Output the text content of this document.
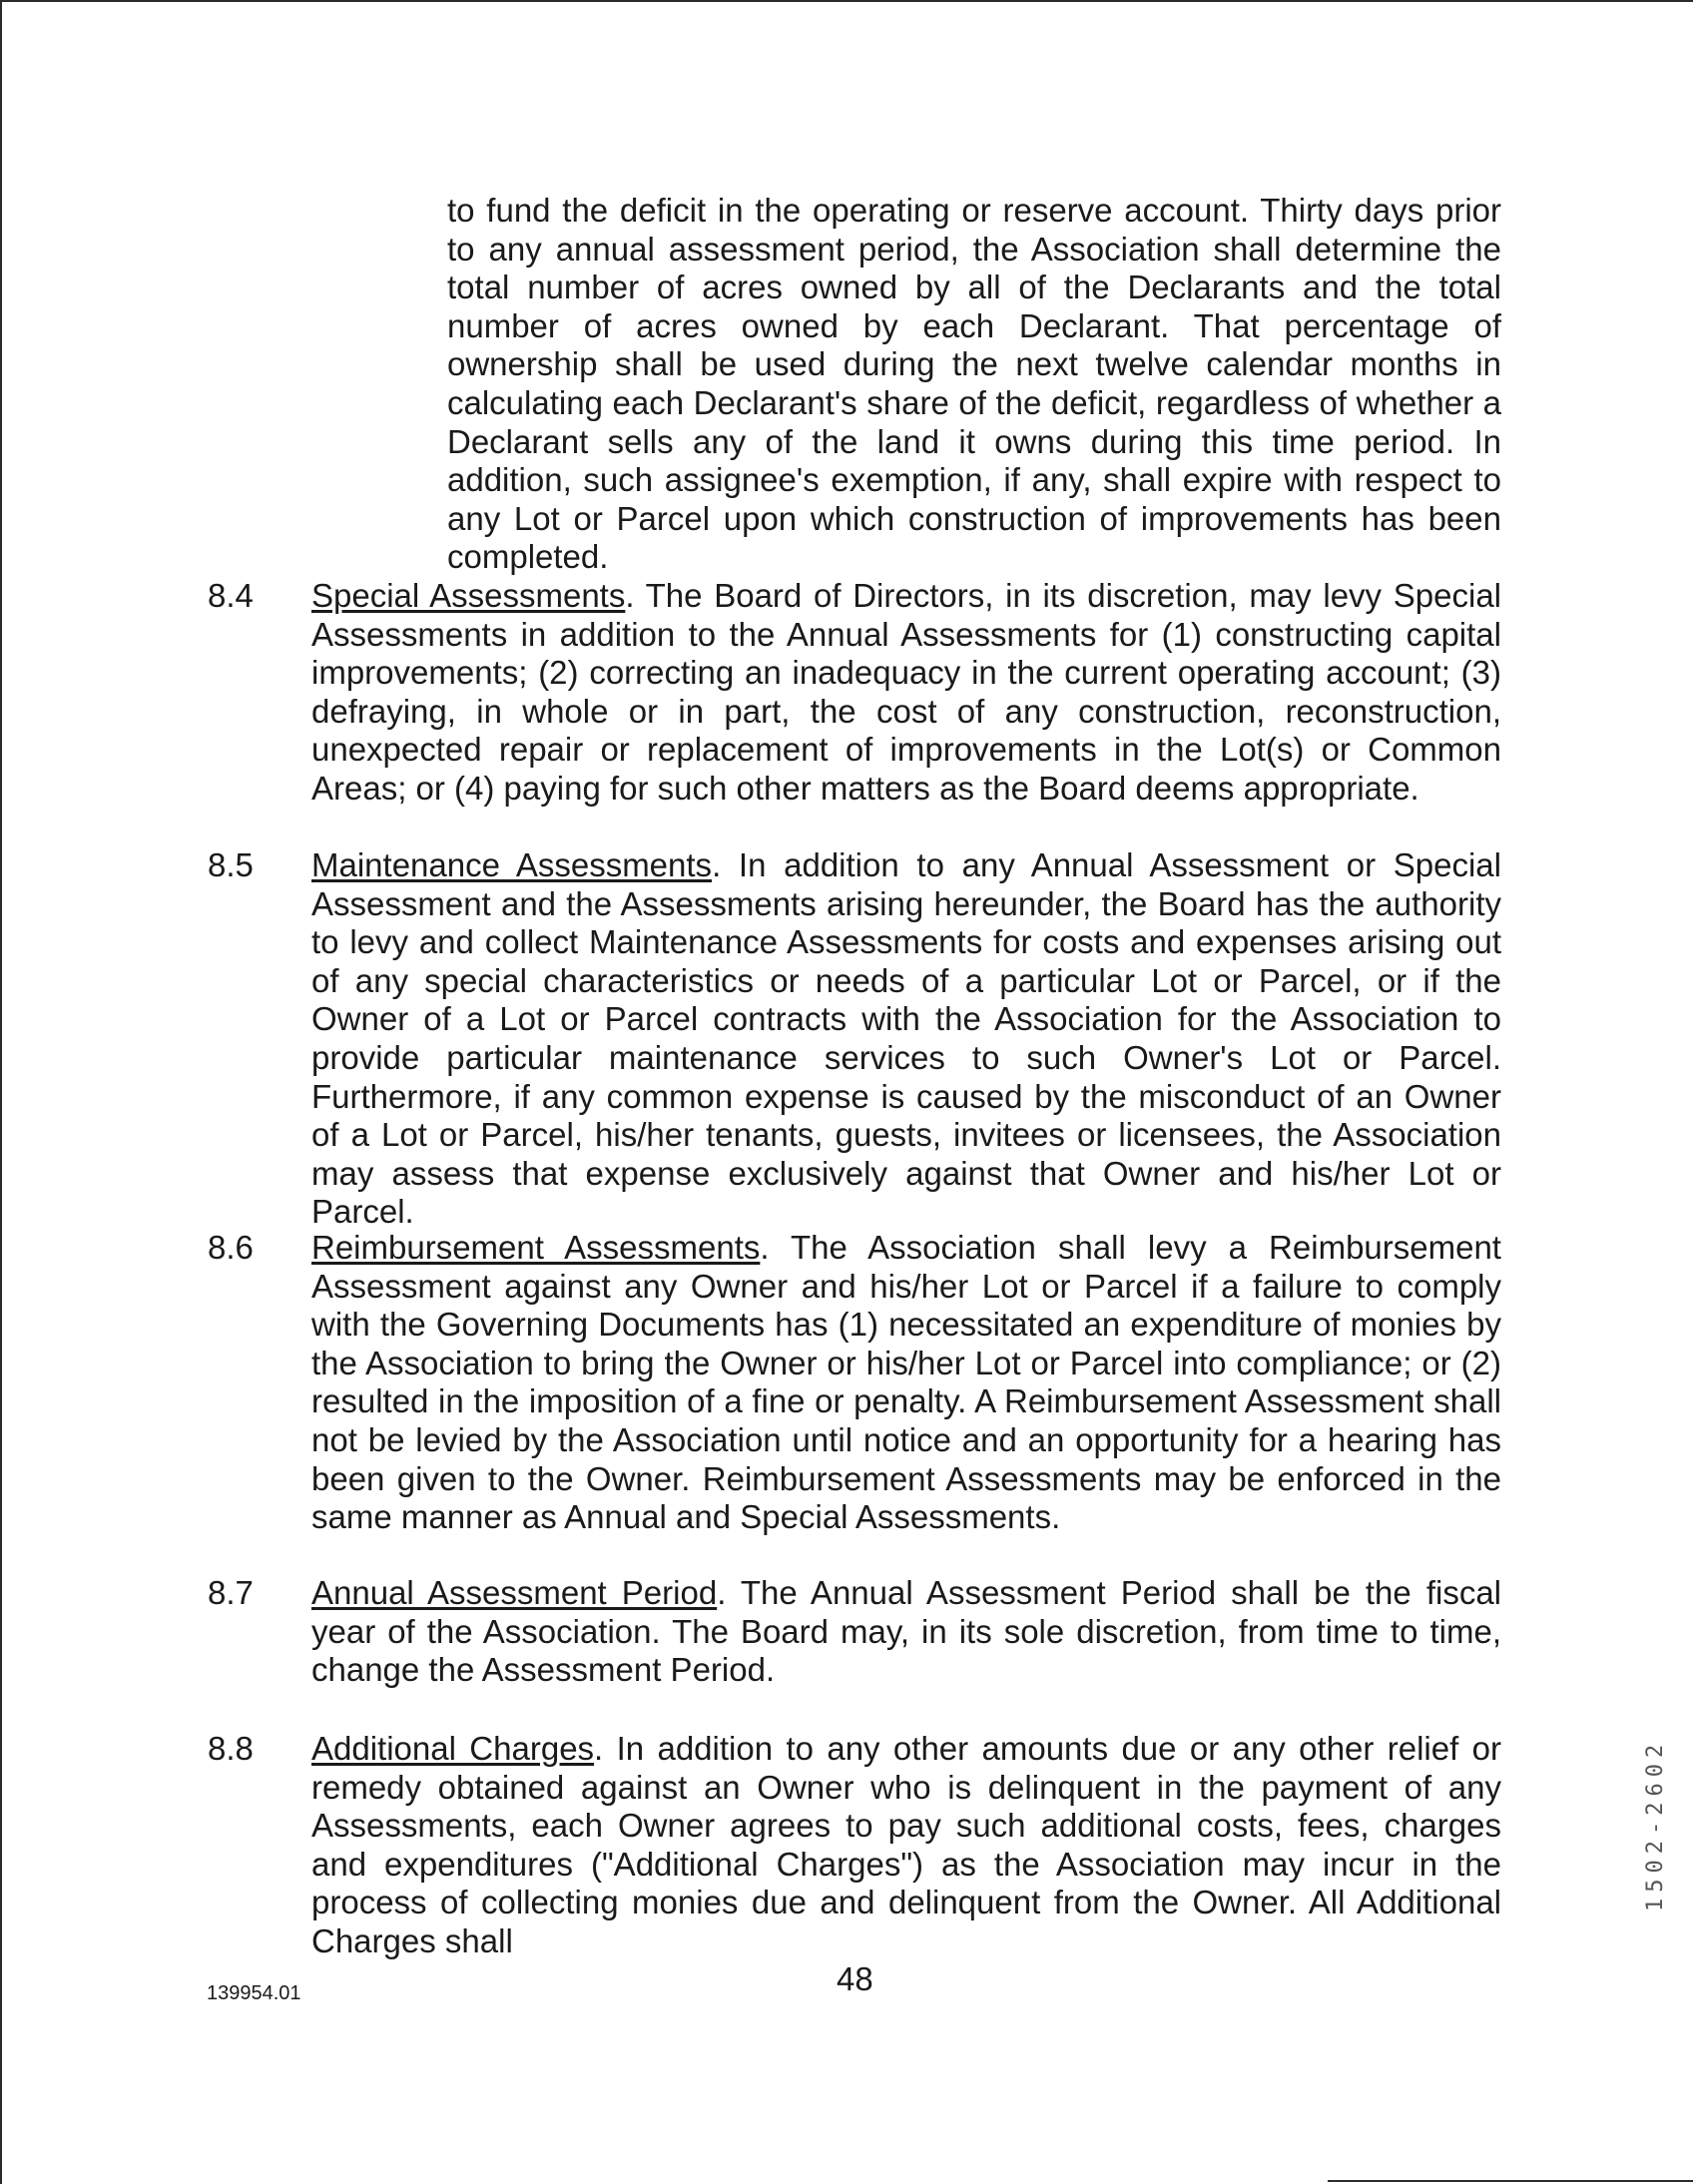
to fund the deficit in the operating or reserve account. Thirty days prior to any annual assessment period, the Association shall determine the total number of acres owned by all of the Declarants and the total number of acres owned by each Declarant. That percentage of ownership shall be used during the next twelve calendar months in calculating each Declarant's share of the deficit, regardless of whether a Declarant sells any of the land it owns during this time period. In addition, such assignee's exemption, if any, shall expire with respect to any Lot or Parcel upon which construction of improvements has been completed.

8.4	Special Assessments. The Board of Directors, in its discretion, may levy Special Assessments in addition to the Annual Assessments for (1) constructing capital improvements; (2) correcting an inadequacy in the current operating account; (3) defraying, in whole or in part, the cost of any construction, reconstruction, unexpected repair or replacement of improvements in the Lot(s) or Common Areas; or (4) paying for such other matters as the Board deems appropriate.

8.5	Maintenance Assessments. In addition to any Annual Assessment or Special Assessment and the Assessments arising hereunder, the Board has the authority to levy and collect Maintenance Assessments for costs and expenses arising out of any special characteristics or needs of a particular Lot or Parcel, or if the Owner of a Lot or Parcel contracts with the Association for the Association to provide particular maintenance services to such Owner's Lot or Parcel. Furthermore, if any common expense is caused by the misconduct of an Owner of a Lot or Parcel, his/her tenants, guests, invitees or licensees, the Association may assess that expense exclusively against that Owner and his/her Lot or Parcel.

8.6	Reimbursement Assessments. The Association shall levy a Reimbursement Assessment against any Owner and his/her Lot or Parcel if a failure to comply with the Governing Documents has (1) necessitated an expenditure of monies by the Association to bring the Owner or his/her Lot or Parcel into compliance; or (2) resulted in the imposition of a fine or penalty. A Reimbursement Assessment shall not be levied by the Association until notice and an opportunity for a hearing has been given to the Owner. Reimbursement Assessments may be enforced in the same manner as Annual and Special Assessments.

8.7	Annual Assessment Period. The Annual Assessment Period shall be the fiscal year of the Association. The Board may, in its sole discretion, from time to time, change the Assessment Period.

8.8	Additional Charges. In addition to any other amounts due or any other relief or remedy obtained against an Owner who is delinquent in the payment of any Assessments, each Owner agrees to pay such additional costs, fees, charges and expenditures ("Additional Charges") as the Association may incur in the process of collecting monies due and delinquent from the Owner. All Additional Charges shall

139954.01	48
1502-2602
